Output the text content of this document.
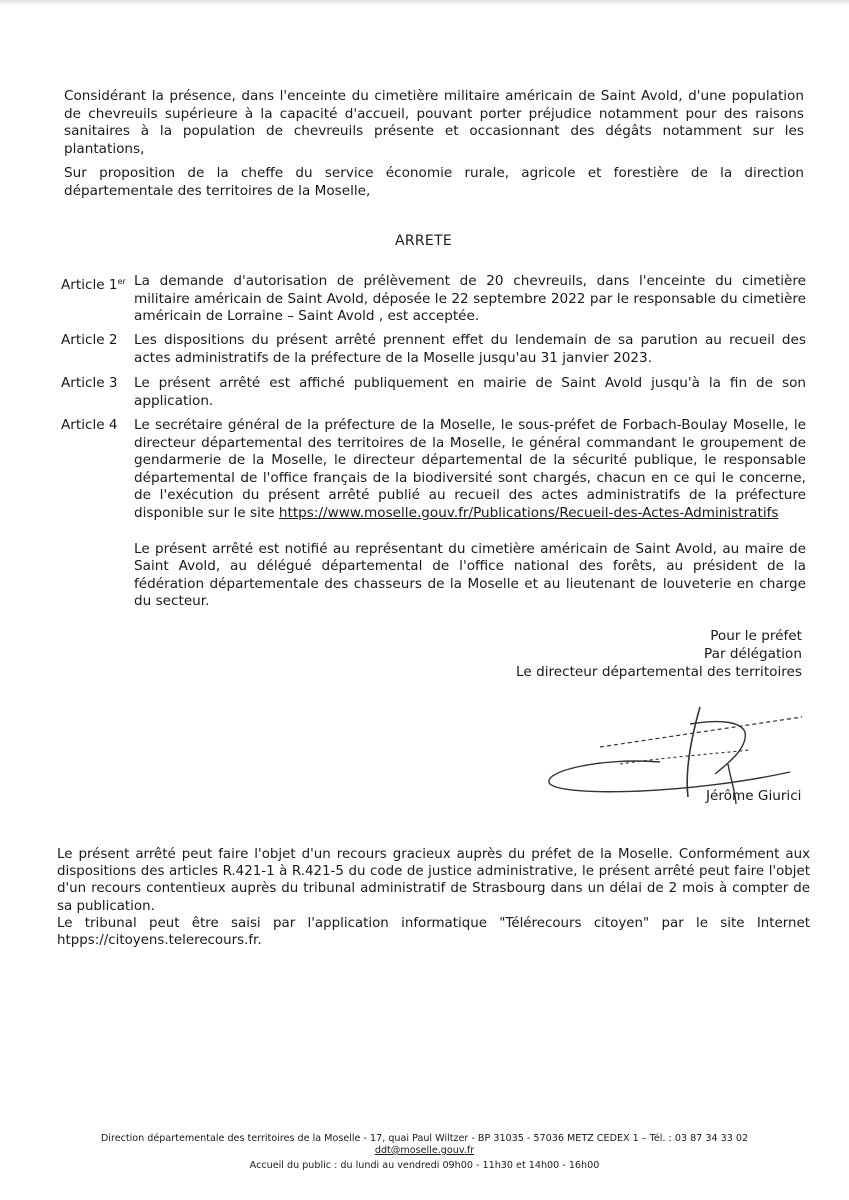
Considérant la présence, dans l'enceinte du cimetière militaire américain de Saint Avold, d'une population de chevreuils supérieure à la capacité d'accueil, pouvant porter préjudice notamment pour des raisons sanitaires à la population de chevreuils présente et occasionnant des dégâts notamment sur les plantations,

Sur proposition de la cheffe du service économie rurale, agricole et forestière de la direction départementale des territoires de la Moselle,

ARRETE
Article 1er La demande d'autorisation de prélèvement de 20 chevreuils, dans l'enceinte du cimetière militaire américain de Saint Avold, déposée le 22 septembre 2022 par le responsable du cimetière américain de Lorraine – Saint Avold , est acceptée.
Article 2	Les dispositions du présent arrêté prennent effet du lendemain de sa parution au recueil des actes administratifs de la préfecture de la Moselle jusqu'au 31 janvier 2023.
Article 3	Le présent arrêté est affiché publiquement en mairie de Saint Avold jusqu'à la fin de son application.
Article 4	Le secrétaire général de la préfecture de la Moselle, le sous-préfet de Forbach-Boulay Moselle, le directeur départemental des territoires de la Moselle, le général commandant le groupement de gendarmerie de la Moselle, le directeur départemental de la sécurité publique, le responsable départemental de l'office français de la biodiversité sont chargés, chacun en ce qui le concerne, de l'exécution du présent arrêté publié au recueil des actes administratifs de la préfecture disponible sur le site https://www.moselle.gouv.fr/Publications/Recueil-des-Actes-Administratifs
Le présent arrêté est notifié au représentant du cimetière américain de Saint Avold, au maire de Saint Avold, au délégué départemental de l'office national des forêts, au président de la fédération départementale des chasseurs de la Moselle et au lieutenant de louveterie en charge du secteur.
Pour le préfet
Par délégation
Le directeur départemental des territoires
Jérôme Giurici

Le présent arrêté peut faire l'objet d'un recours gracieux auprès du préfet de la Moselle. Conformément aux dispositions des articles R.421-1 à R.421-5 du code de justice administrative, le présent arrêté peut faire l'objet d'un recours contentieux auprès du tribunal administratif de Strasbourg dans un délai de 2 mois à compter de sa publication.

Le tribunal peut être saisi par l'application informatique "Télérecours citoyen" par le site Internet htpps://citoyens.telerecours.fr.

Direction départementale des territoires de la Moselle - 17, quai Paul Wiltzer - BP 31035 - 57036 METZ CEDEX 1 – Tél. : 03 87 34 33 02
ddt@moselle.gouv.fr
Accueil du public : du lundi au vendredi 09h00 - 11h30 et 14h00 - 16h00
